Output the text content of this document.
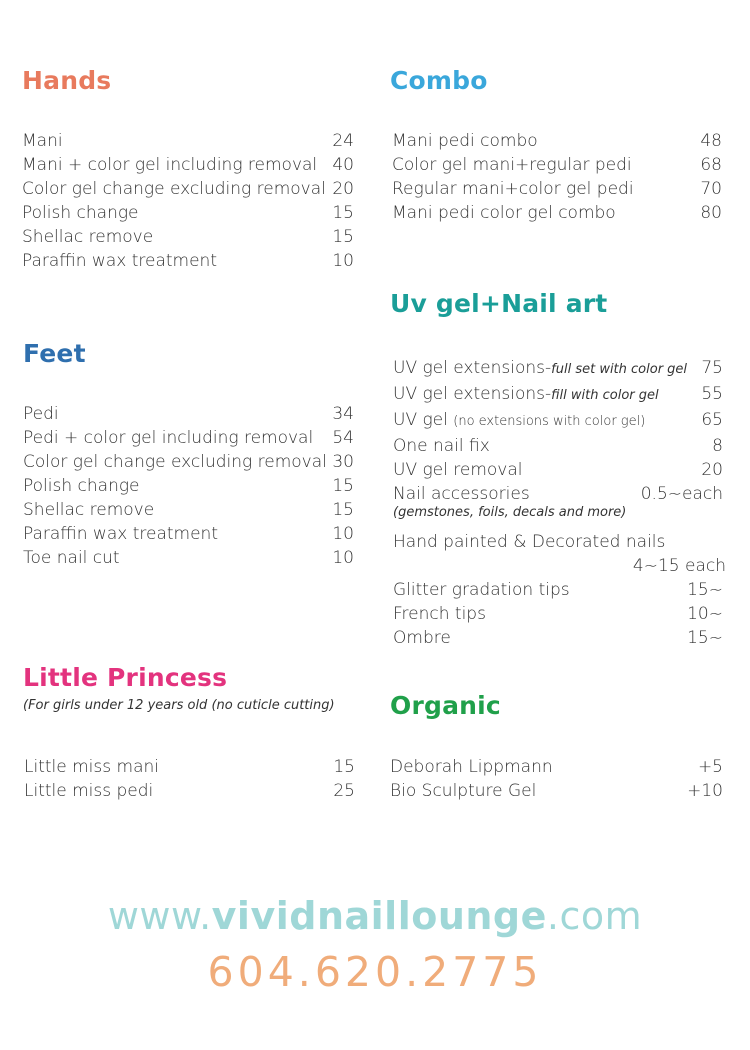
Hands
Mani	24
Mani + color gel including removal 40
Color gel change excluding removal 20
Polish change	15
Shellac remove	15
Paraffin wax treatment	10
Feet
Pedi	34
Pedi + color gel including removal 54
Color gel change excluding removal 30
Polish change	15
Shellac remove	15
Paraffin wax treatment	10
Toe nail cut	10
Little Princess
(For girls under 12 years old (no cuticle cutting)
Little miss mani	15
Little miss pedi	25
Combo
Mani pedi combo	48
Color gel mani+regular pedi	68
Regular mani+color gel pedi	70
Mani pedi color gel combo	80
Uv gel+Nail art
UV gel extensions-full set with color gel 75
UV gel extensions-fill with color gel	55
UV gel (no extensions with color gel)	65
One nail fix	8
UV gel removal	20
Nail accessories	0.5~each
(gemstones, foils, decals and more)
Hand painted & Decorated nails
4~15 each
Glitter gradation tips	15~
French tips	10~
Ombre	15~
Organic
Deborah Lippmann	+5
Bio Sculpture Gel	+10
www.vividnaillounge.com
604.620.2775
